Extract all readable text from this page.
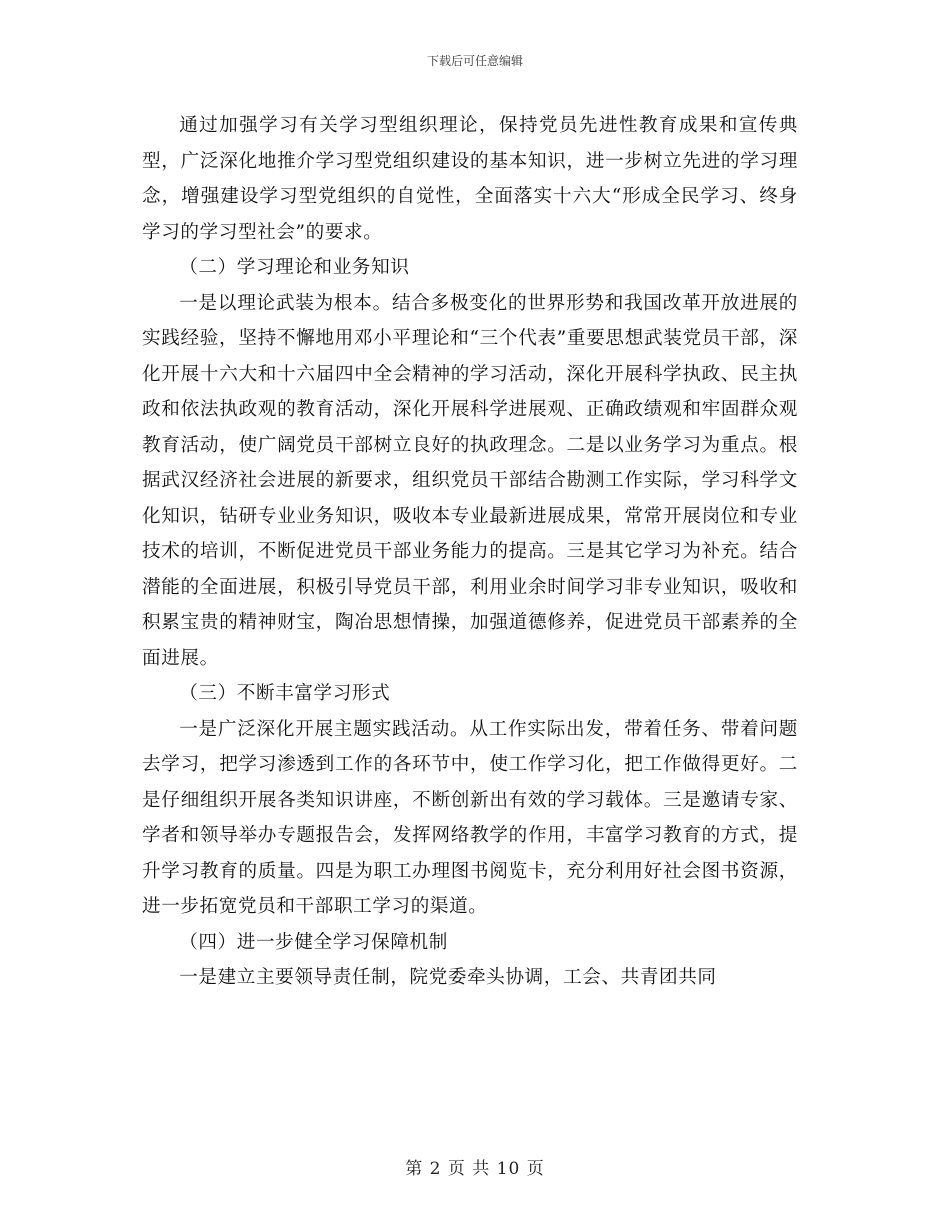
下载后可任意编辑

通过加强学习有关学习型组织理论，保持党员先进性教育成果和宣传典型，广泛深化地推介学习型党组织建设的基本知识，进一步树立先进的学习理念，增强建设学习型党组织的自觉性，全面落实十六大“形成全民学习、终身学习的学习型社会”的要求。

（二）学习理论和业务知识

一是以理论武装为根本。结合多极变化的世界形势和我国改革开放进展的实践经验，坚持不懈地用邓小平理论和“三个代表”重要思想武装党员干部，深化开展十六大和十六届四中全会精神的学习活动，深化开展科学执政、民主执政和依法执政观的教育活动，深化开展科学进展观、正确政绩观和牢固群众观教育活动，使广阔党员干部树立良好的执政理念。二是以业务学习为重点。根据武汉经济社会进展的新要求，组织党员干部结合勘测工作实际，学习科学文化知识，钻研专业业务知识，吸收本专业最新进展成果，常常开展岗位和专业技术的培训，不断促进党员干部业务能力的提高。三是其它学习为补充。结合潜能的全面进展，积极引导党员干部，利用业余时间学习非专业知识，吸收和积累宝贵的精神财宝，陶冶思想情操，加强道德修养，促进党员干部素养的全面进展。

（三）不断丰富学习形式

一是广泛深化开展主题实践活动。从工作实际出发，带着任务、带着问题去学习，把学习渗透到工作的各环节中，使工作学习化，把工作做得更好。二是仔细组织开展各类知识讲座，不断创新出有效的学习载体。三是邀请专家、学者和领导举办专题报告会，发挥网络教学的作用，丰富学习教育的方式，提升学习教育的质量。四是为职工办理图书阅览卡，充分利用好社会图书资源，进一步拓宽党员和干部职工学习的渠道。

（四）进一步健全学习保障机制

一是建立主要领导责任制，院党委牵头协调，工会、共青团共同

第 2 页 共 10 页
